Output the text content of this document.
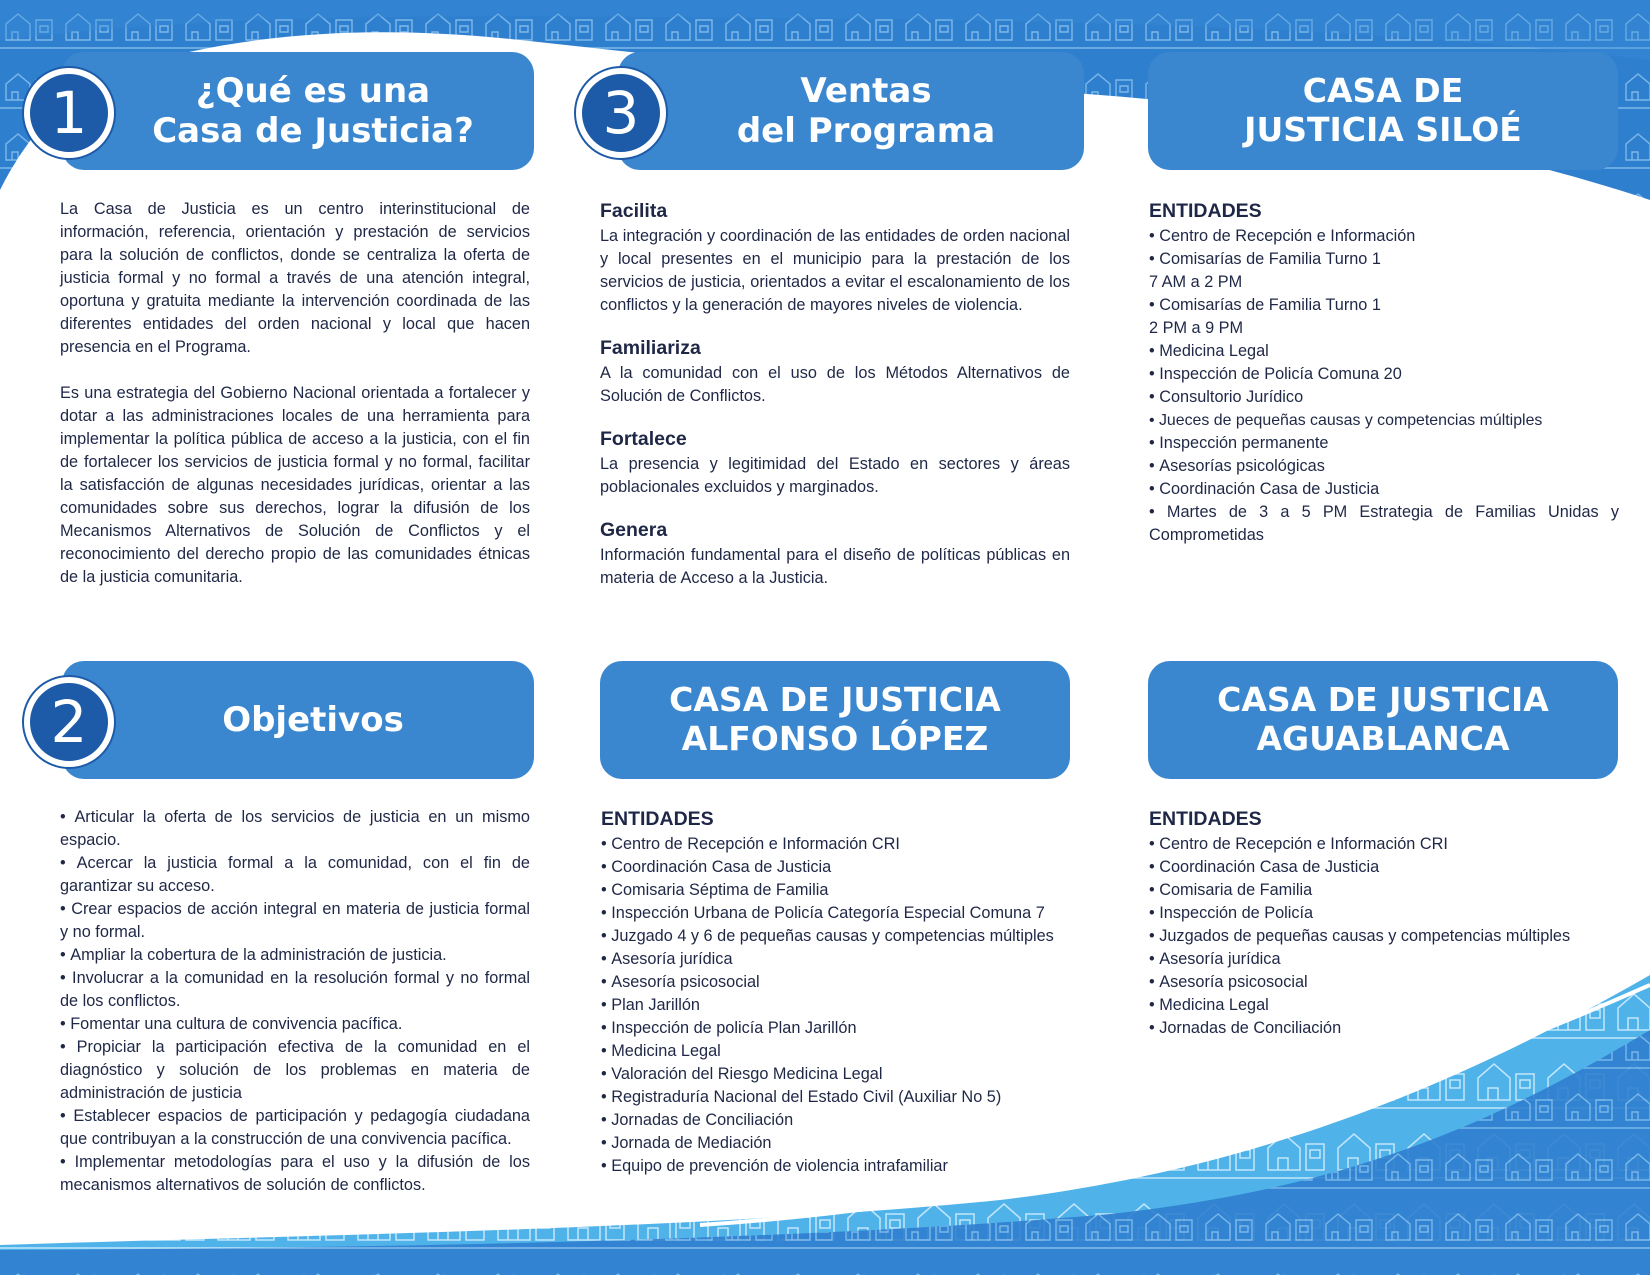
¿Qué es una
Casa de Justicia?
1

La Casa de Justicia es un centro interinstitucional de información, referencia, orientación y prestación de servicios para la solución de conflictos, donde se centraliza la oferta de justicia formal y no formal a través de una atención integral, oportuna y gratuita mediante la intervención coordinada de las diferentes entidades del orden nacional y local que hacen presencia en el Programa.

Es una estrategia del Gobierno Nacional orientada a fortalecer y dotar a las administraciones locales de una herramienta para implementar la política pública de acceso a la justicia, con el fin de fortalecer los servicios de justicia formal y no formal, facilitar la satisfacción de algunas necesidades jurídicas, orientar a las comunidades sobre sus derechos, lograr la difusión de los Mecanismos Alternativos de Solución de Conflictos y el reconocimiento del derecho propio de las comunidades étnicas de la justicia comunitaria.

Objetivos
2
• Articular la oferta de los servicios de justicia en un mismo espacio.
• Acercar la justicia formal a la comunidad, con el fin de garantizar su acceso.
• Crear espacios de acción integral en materia de justicia formal y no formal.
• Ampliar la cobertura de la administración de justicia.
• Involucrar a la comunidad en la resolución formal y no formal de los conflictos.
• Fomentar una cultura de convivencia pacífica.
• Propiciar la participación efectiva de la comunidad en el diagnóstico y solución de los problemas en materia de administración de justicia
• Establecer espacios de participación y pedagogía ciudadana que contribuyan a la construcción de una convivencia pacífica.
• Implementar metodologías para el uso y la difusión de los mecanismos alternativos de solución de conflictos.
Ventas
del Programa
3
Facilita

La integración y coordinación de las entidades de orden nacional y local presentes en el municipio para la prestación de los servicios de justicia, orientados a evitar el escalonamiento de los conflictos y la generación de mayores niveles de violencia.

Familiariza

A la comunidad con el uso de los Métodos Alternativos de Solución de Conflictos.

Fortalece

La presencia y legitimidad del Estado en sectores y áreas poblacionales excluidos y marginados.

Genera

Información fundamental para el diseño de políticas públicas en materia de Acceso a la Justicia.

CASA DE JUSTICIA
ALFONSO LÓPEZ
ENTIDADES
• Centro de Recepción e Información CRI
• Coordinación Casa de Justicia
• Comisaria Séptima de Familia
• Inspección Urbana de Policía Categoría Especial Comuna 7
• Juzgado 4 y 6 de pequeñas causas y competencias múltiples
• Asesoría jurídica
• Asesoría psicosocial
• Plan Jarillón
• Inspección de policía Plan Jarillón
• Medicina Legal
• Valoración del Riesgo Medicina Legal
• Registraduría Nacional del Estado Civil (Auxiliar No 5)
• Jornadas de Conciliación
• Jornada de Mediación
• Equipo de prevención de violencia intrafamiliar
CASA DE
JUSTICIA SILOÉ
ENTIDADES
• Centro de Recepción e Información
• Comisarías de Familia Turno 1
7 AM a 2 PM
• Comisarías de Familia Turno 1
2 PM a 9 PM
• Medicina Legal
• Inspección de Policía Comuna 20
• Consultorio Jurídico
• Jueces de pequeñas causas y competencias múltiples
• Inspección permanente
• Asesorías psicológicas
• Coordinación Casa de Justicia
• Martes de 3 a 5 PM Estrategia de Familias Unidas y Comprometidas
CASA DE JUSTICIA
AGUABLANCA
ENTIDADES
• Centro de Recepción e Información CRI
• Coordinación Casa de Justicia
• Comisaria de Familia
• Inspección de Policía
• Juzgados de pequeñas causas y competencias múltiples
• Asesoría jurídica
• Asesoría psicosocial
• Medicina Legal
• Jornadas de Conciliación
